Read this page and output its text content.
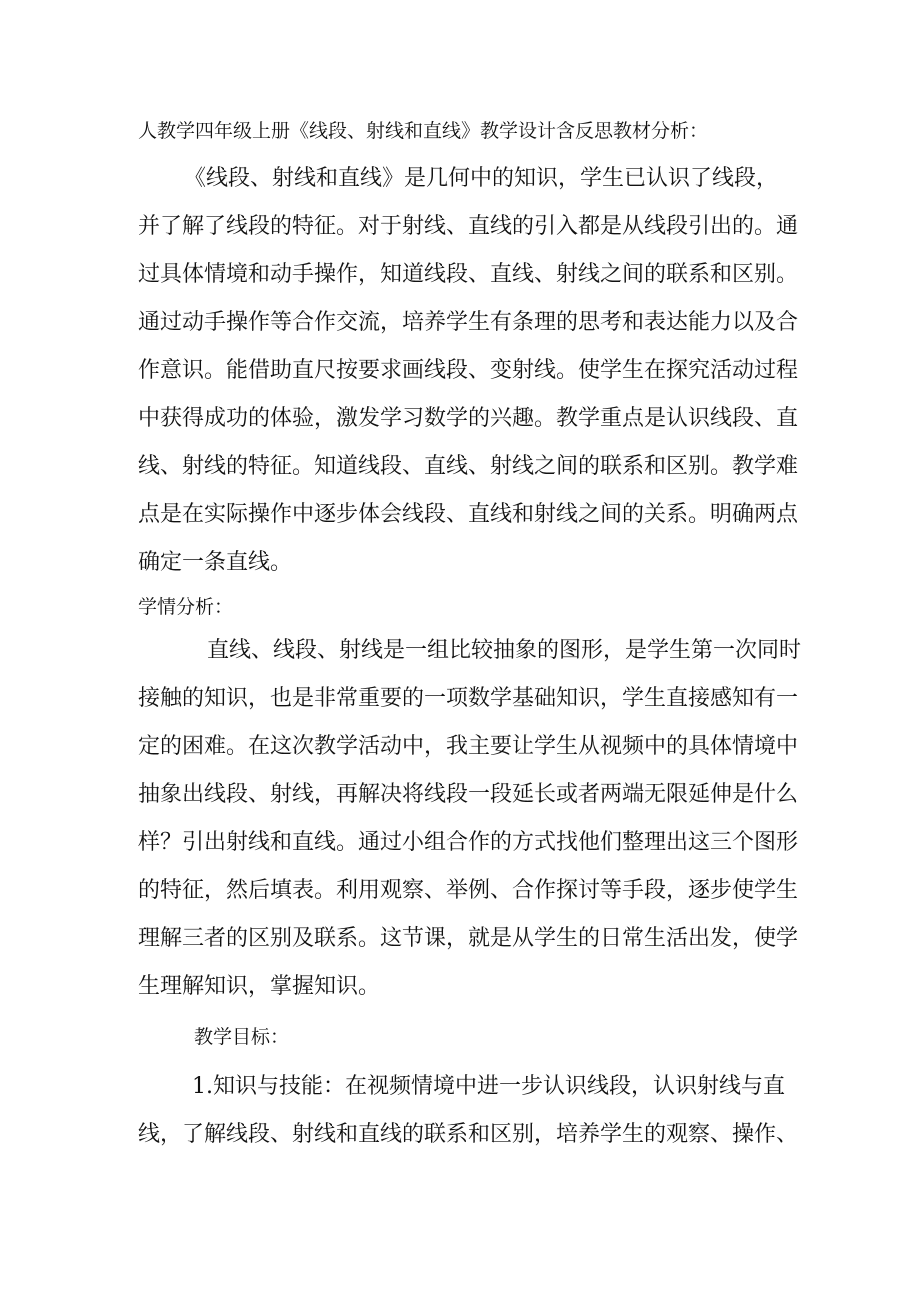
人教学四年级上册《线段、射线和直线》教学设计含反思教材分析：

《线段、射线和直线》是几何中的知识，学生已认识了线段，

并了解了线段的特征。对于射线、直线的引入都是从线段引出的。通

过具体情境和动手操作，知道线段、直线、射线之间的联系和区别。

通过动手操作等合作交流，培养学生有条理的思考和表达能力以及合

作意识。能借助直尺按要求画线段、变射线。使学生在探究活动过程

中获得成功的体验，激发学习数学的兴趣。教学重点是认识线段、直

线、射线的特征。知道线段、直线、射线之间的联系和区别。教学难

点是在实际操作中逐步体会线段、直线和射线之间的关系。明确两点

确定一条直线。

学情分析：

直线、线段、射线是一组比较抽象的图形，是学生第一次同时

接触的知识，也是非常重要的一项数学基础知识，学生直接感知有一

定的困难。在这次教学活动中，我主要让学生从视频中的具体情境中

抽象出线段、射线，再解决将线段一段延长或者两端无限延伸是什么

样？引出射线和直线。通过小组合作的方式找他们整理出这三个图形

的特征，然后填表。利用观察、举例、合作探讨等手段，逐步使学生

理解三者的区别及联系。这节课，就是从学生的日常生活出发，使学

生理解知识，掌握知识。

教学目标：

1.知识与技能：在视频情境中进一步认识线段，认识射线与直

线，了解线段、射线和直线的联系和区别，培养学生的观察、操作、
